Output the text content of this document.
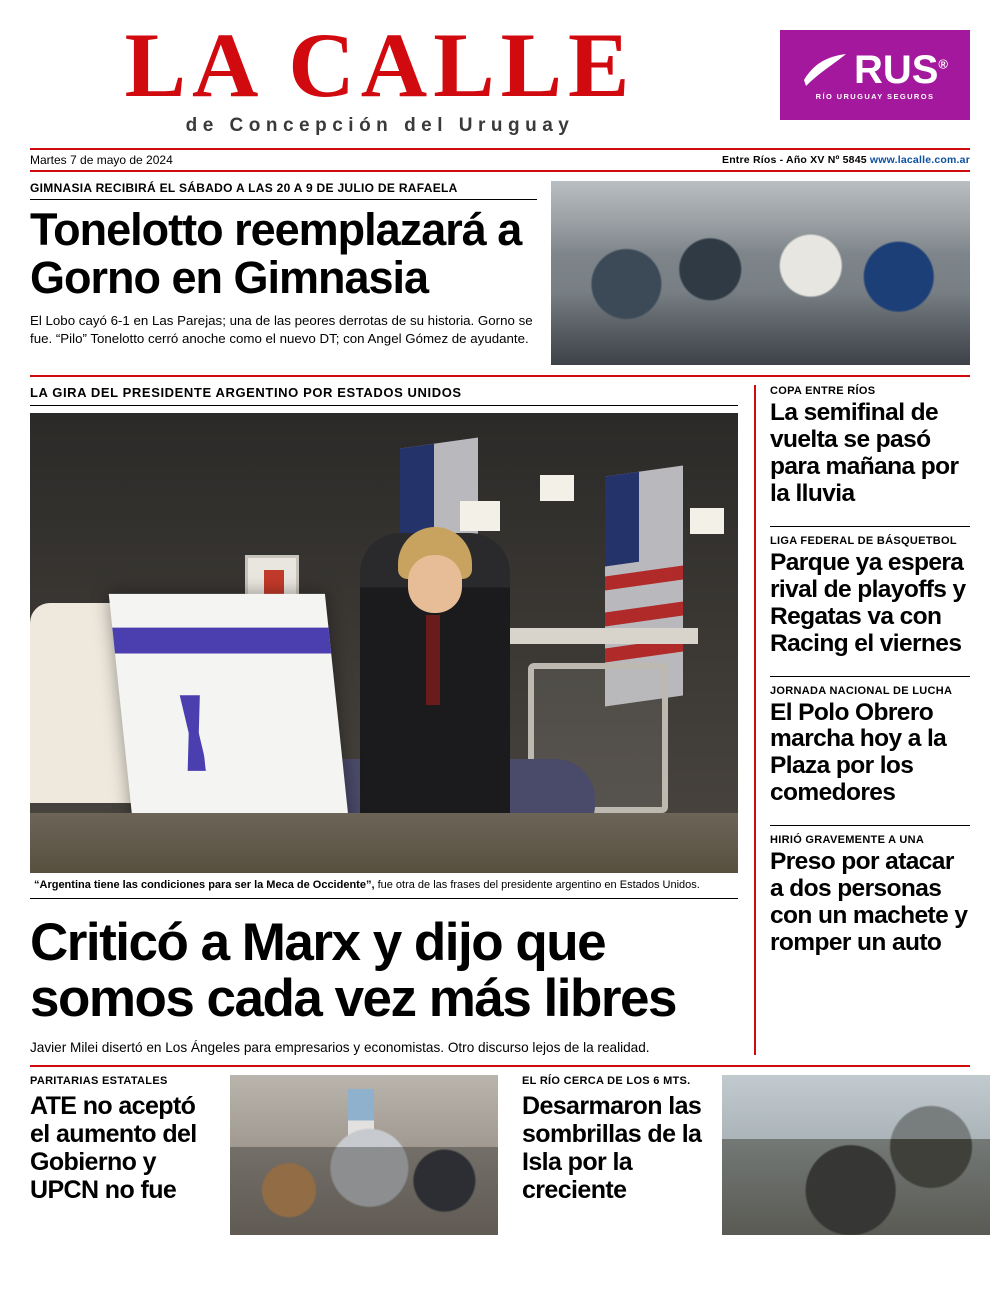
LA CALLE
de Concepción del Uruguay
RUS®
RÍO URUGUAY SEGUROS
Martes 7 de mayo de 2024	Entre Ríos - Año XV Nº 5845 www.lacalle.com.ar
GIMNASIA RECIBIRÁ EL SÁBADO A LAS 20 A 9 DE JULIO DE RAFAELA
Tonelotto reemplazará a Gorno en Gimnasia
El Lobo cayó 6-1 en Las Parejas; una de las peores derrotas de su historia. Gorno se fue. “Pilo” Tonelotto cerró anoche como el nuevo DT; con Angel Gómez de ayudante.
LA GIRA DEL PRESIDENTE ARGENTINO POR ESTADOS UNIDOS
“Argentina tiene las condiciones para ser la Meca de Occidente”, fue otra de las frases del presidente argentino en Estados Unidos.
Criticó a Marx y dijo que somos cada vez más libres
Javier Milei disertó en Los Ángeles para empresarios y economistas. Otro discurso lejos de la realidad.
COPA ENTRE RÍOS
La semifinal de vuelta se pasó para mañana por la lluvia
LIGA FEDERAL DE BÁSQUETBOL
Parque ya espera rival de playoffs y Regatas va con Racing el viernes
JORNADA NACIONAL DE LUCHA
El Polo Obrero marcha hoy a la Plaza por los comedores
HIRIÓ GRAVEMENTE A UNA
Preso por atacar a dos personas con un machete y romper un auto
PARITARIAS ESTATALES
ATE no aceptó el aumento del Gobierno y UPCN no fue
EL RÍO CERCA DE LOS 6 MTS.
Desarmaron las sombrillas de la Isla por la creciente
